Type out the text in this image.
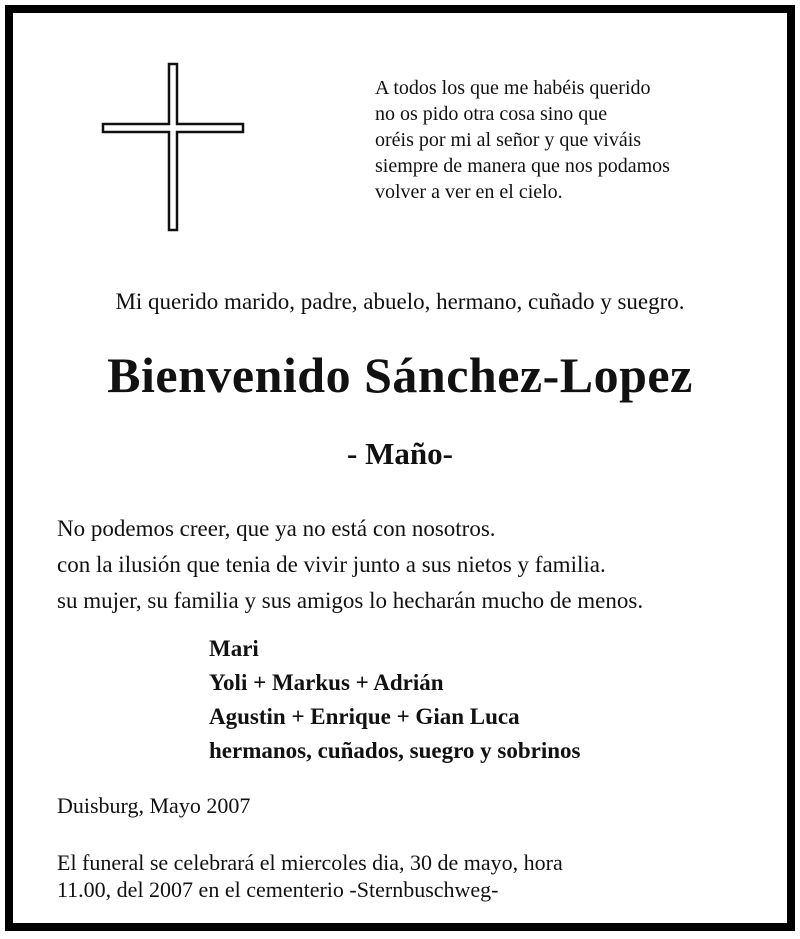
A todos los que me habéis querido
no os pido otra cosa sino que
oréis por mi al señor y que viváis
siempre de manera que nos podamos
volver a ver en el cielo.
Mi querido marido, padre, abuelo, hermano, cuñado y suegro.
Bienvenido Sánchez-Lopez
- Maño-
No podemos creer, que ya no está con nosotros.
con la ilusión que tenia de vivir junto a sus nietos y familia.
su mujer, su familia y sus amigos lo hecharán mucho de menos.
Mari
Yoli + Markus + Adrián
Agustin + Enrique + Gian Luca
hermanos, cuñados, suegro y sobrinos
Duisburg, Mayo 2007
El funeral se celebrará el miercoles dia, 30 de mayo, hora
11.00, del 2007 en el cementerio -Sternbuschweg-
